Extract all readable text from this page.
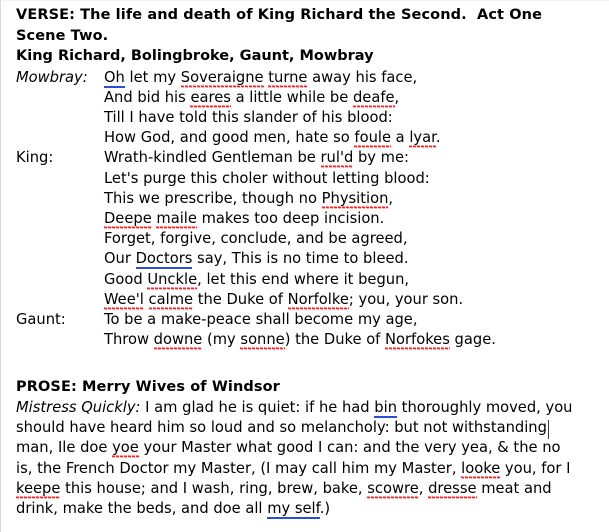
VERSE: The life and death of King Richard the Second.  Act One Scene Two.
King Richard, Bolingbroke, Gaunt, Mowbray
Mowbray:	Oh let my Soveraigne turne away his face,
And bid his eares a little while be deafe,
Till I have told this slander of his blood:
How God, and good men, hate so foule a lyar.
King:	Wrath-kindled Gentleman be rul'd by me:
Let's purge this choler without letting blood:
This we prescribe, though no Physition,
Deepe maile makes too deep incision.
Forget, forgive, conclude, and be agreed,
Our Doctors say, This is no time to bleed.
Good Unckle, let this end where it begun,
Wee'l calme the Duke of Norfolke; you, your son.
Gaunt:	To be a make-peace shall become my age,
Throw downe (my sonne) the Duke of Norfokes gage.
PROSE: Merry Wives of Windsor
Mistress Quickly: I am glad he is quiet: if he had bin thoroughly moved, you should have heard him so loud and so melancholy: but not withstanding man, Ile doe yoe your Master what good I can: and the very yea, & the no is, the French Doctor my Master, (I may call him my Master, looke you, for I keepe this house; and I wash, ring, brew, bake, scowre, dresse meat and drink, make the beds, and doe all my self.)
